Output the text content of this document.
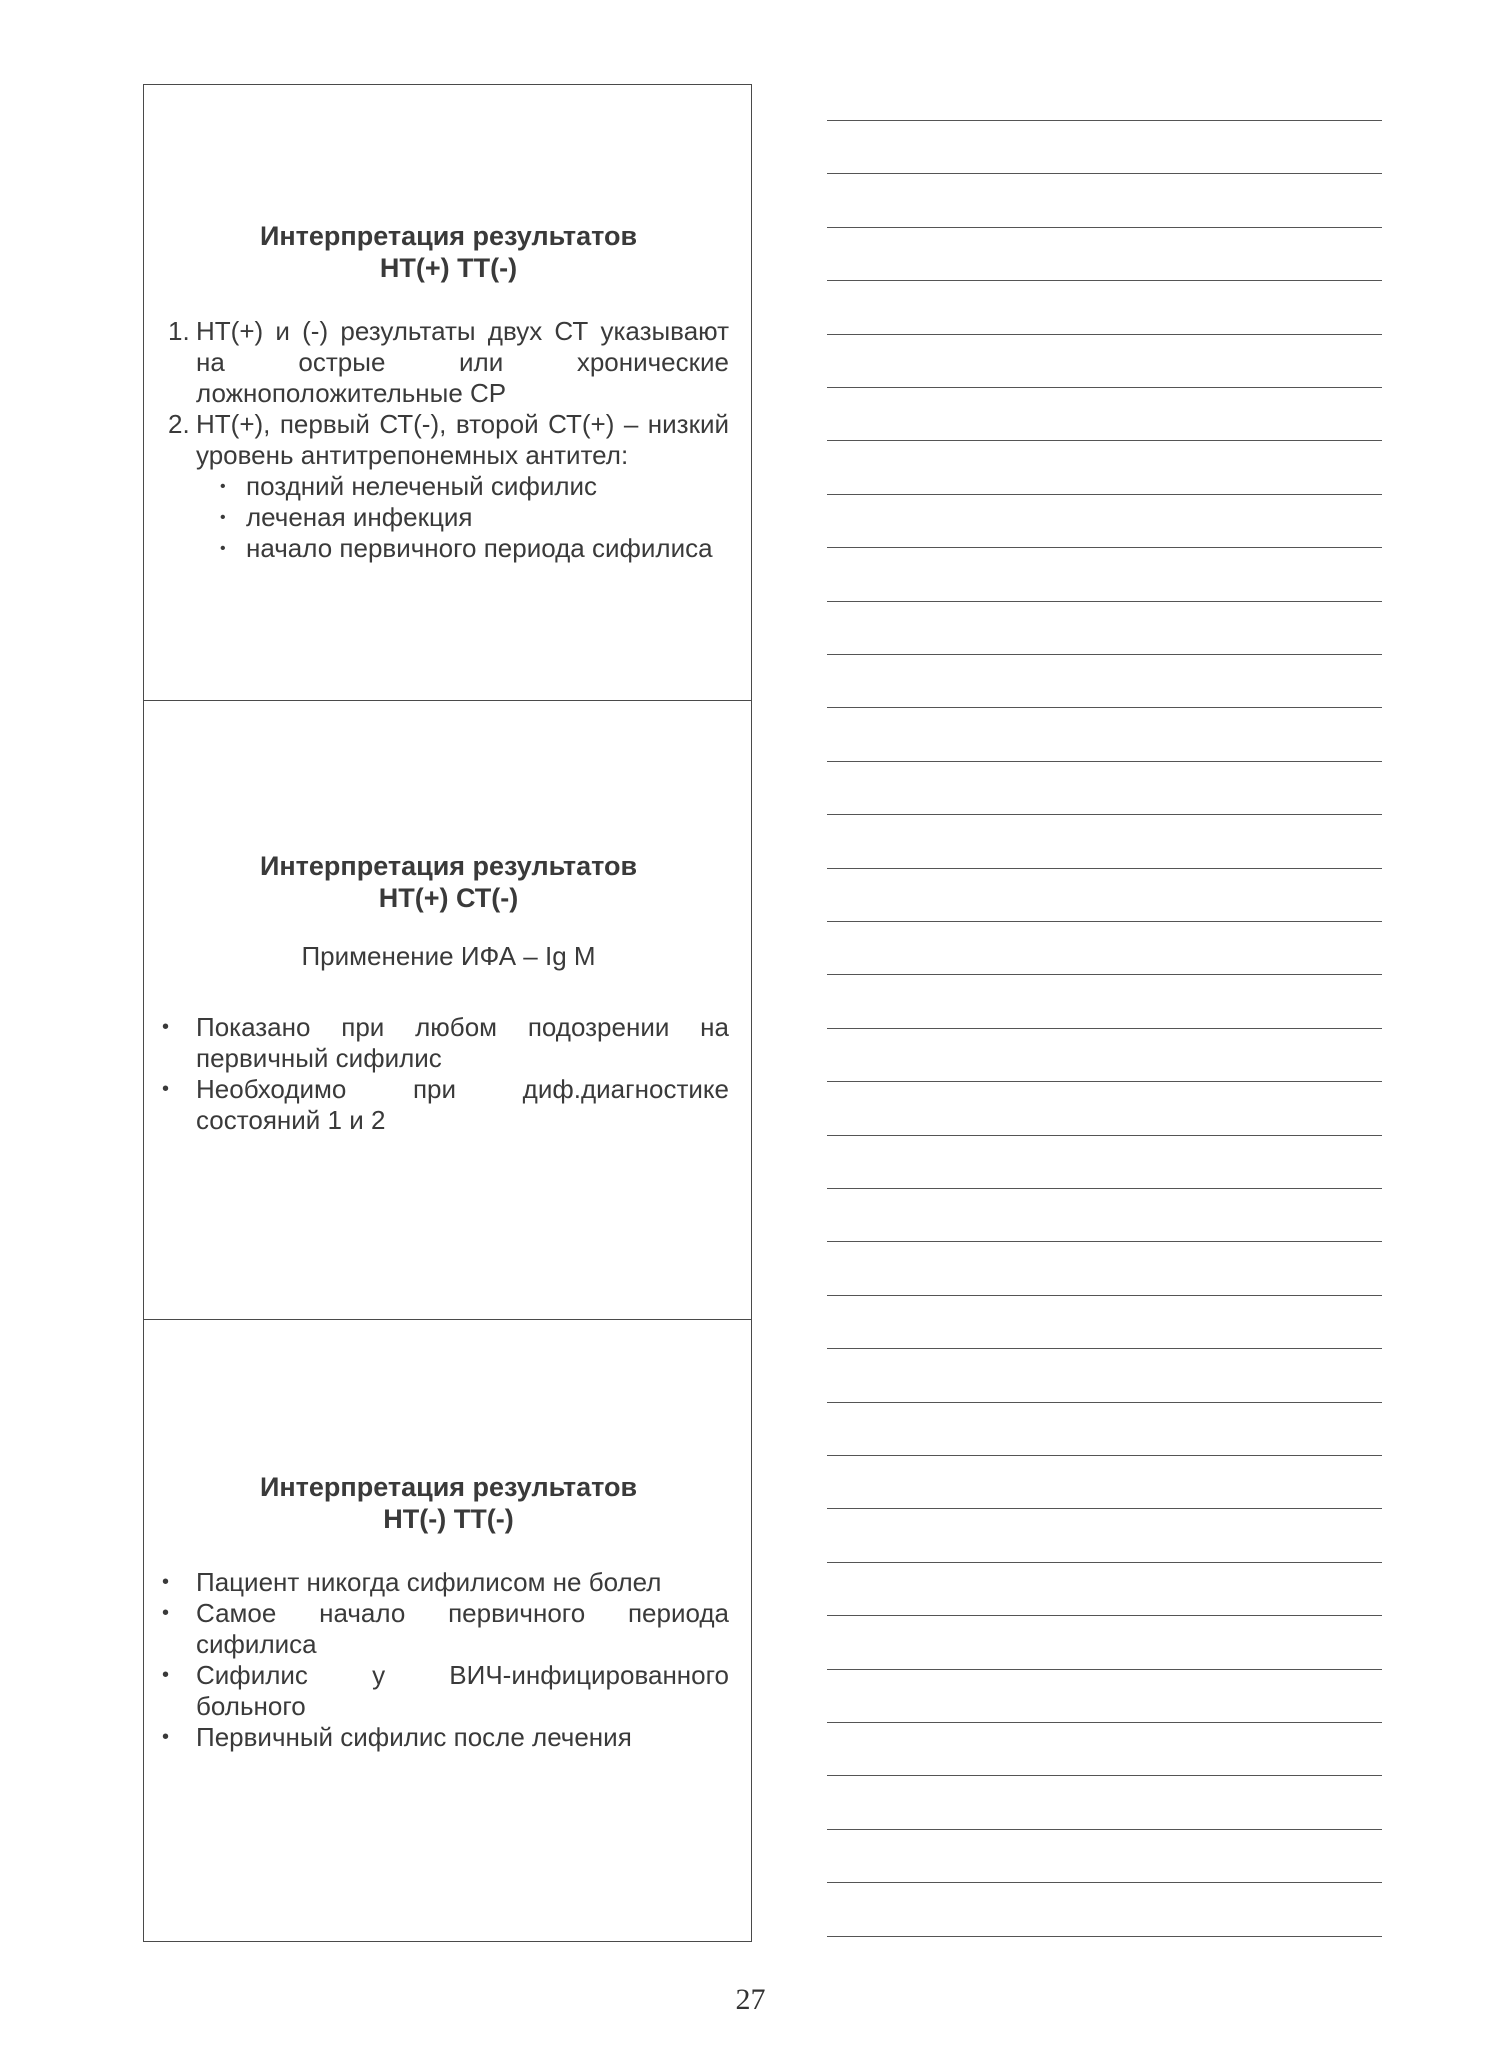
Интерпретация результатов
НТ(+) ТТ(-)

1. НТ(+) и (-) результаты двух СТ указывают на острые или хронические ложноположительные СР
2. НТ(+), первый СТ(-), второй СТ(+) – низкий уровень антитрепонемных антител:
• поздний нелеченый сифилис
• леченая инфекция
• начало первичного периода сифилиса

Интерпретация результатов
НТ(+) СТ(-)

Применение ИФА – Ig M

• Показано при любом подозрении на первичный сифилис
• Необходимо при диф.диагностике состояний 1 и 2

Интерпретация результатов
НТ(-) ТТ(-)

• Пациент никогда сифилисом не болел
• Самое начало первичного периода сифилиса
• Сифилис у ВИЧ-инфицированного больного
• Первичный сифилис после лечения
27
